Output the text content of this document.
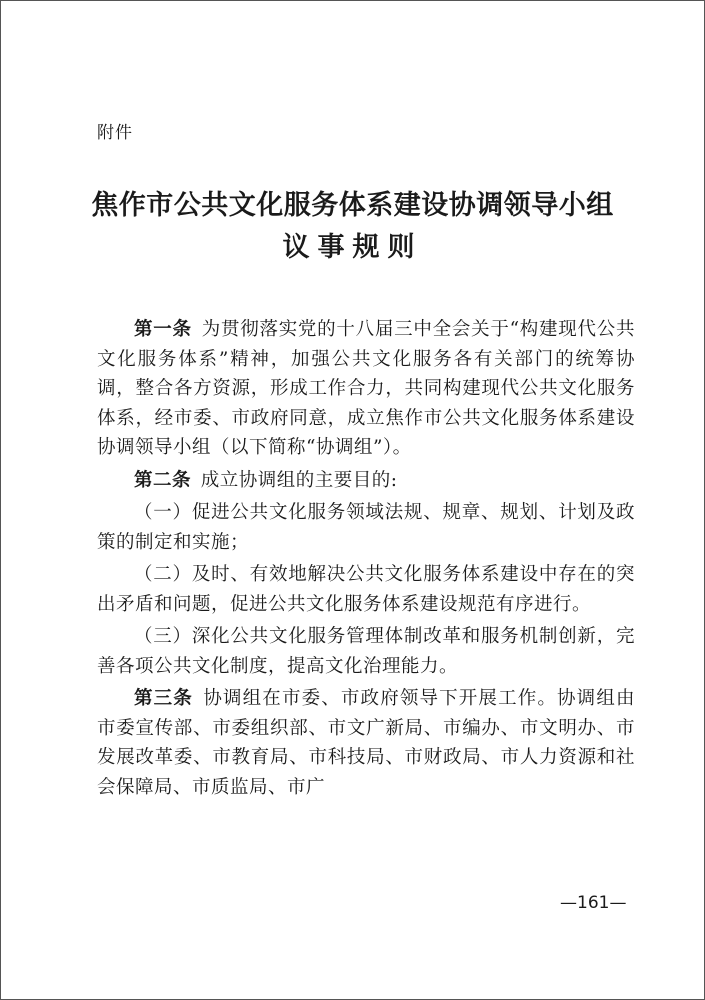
附件
焦作市公共文化服务体系建设协调领导小组
议事规则

第一条  为贯彻落实党的十八届三中全会关于“构建现代公共文化服务体系”精神，加强公共文化服务各有关部门的统筹协调，整合各方资源，形成工作合力，共同构建现代公共文化服务体系，经市委、市政府同意，成立焦作市公共文化服务体系建设协调领导小组（以下简称“协调组”）。

第二条  成立协调组的主要目的:

（一）促进公共文化服务领域法规、规章、规划、计划及政策的制定和实施；

（二）及时、有效地解决公共文化服务体系建设中存在的突出矛盾和问题，促进公共文化服务体系建设规范有序进行。

（三）深化公共文化服务管理体制改革和服务机制创新，完善各项公共文化制度，提高文化治理能力。

第三条  协调组在市委、市政府领导下开展工作。协调组由市委宣传部、市委组织部、市文广新局、市编办、市文明办、市发展改革委、市教育局、市科技局、市财政局、市人力资源和社会保障局、市质监局、市广

—161—
